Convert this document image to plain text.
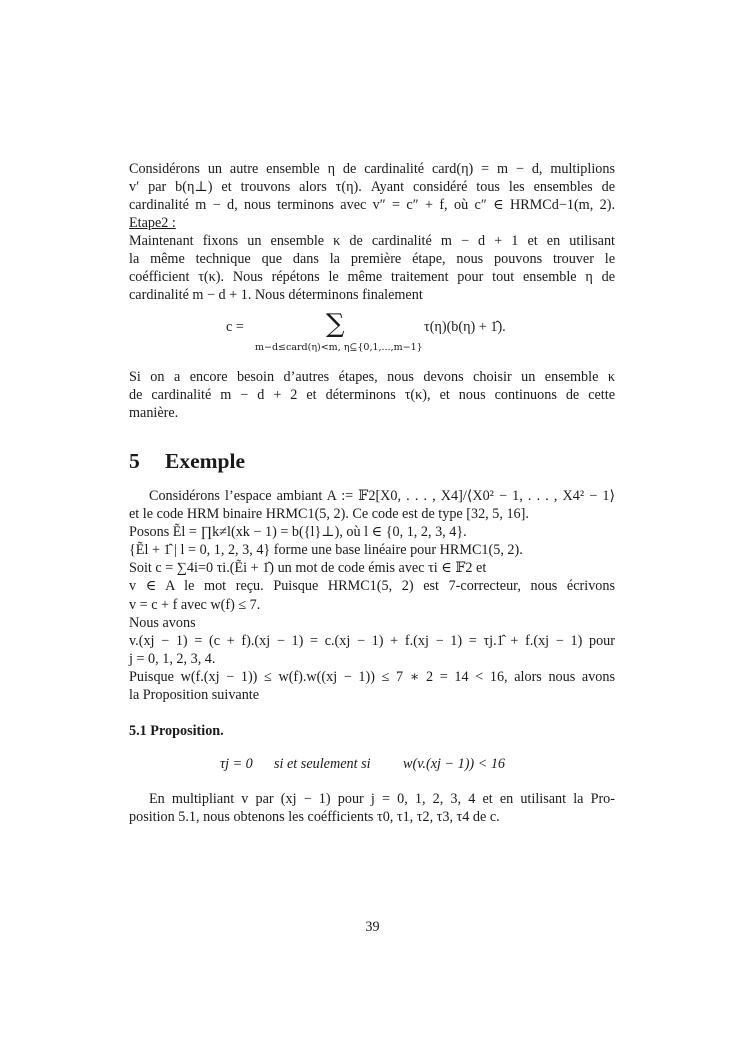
Considérons un autre ensemble η de cardinalité card(η) = m − d, multiplions
v′ par b(η⊥) et trouvons alors τ(η). Ayant considéré tous les ensembles de
cardinalité m − d, nous terminons avec v″ = c″ + f, où c″ ∈ HRMCd−1(m, 2).
Etape2 :
Maintenant fixons un ensemble κ de cardinalité m − d + 1 et en utilisant
la même technique que dans la première étape, nous pouvons trouver le
coéfficient τ(κ). Nous répétons le même traitement pour tout ensemble η de
cardinalité m − d + 1. Nous déterminons finalement
c =	∑
m−d≤card(η)<m, η⊆{0,1,...,m−1}
τ(η)(b(η) + 1̂).
Si on a encore besoin d’autres étapes, nous devons choisir un ensemble κ
de cardinalité m − d + 2 et déterminons τ(κ), et nous continuons de cette
manière.
5 Exemple
Considérons l’espace ambiant A := 𝔽2[X0, . . . , X4]/⟨X0² − 1, . . . , X4² − 1⟩
et le code HRM binaire HRMC1(5, 2). Ce code est de type [32, 5, 16].
Posons Ẽl = ∏k≠l(xk − 1) = b({l}⊥), où l ∈ {0, 1, 2, 3, 4}.
{Ẽl + 1̂ | l = 0, 1, 2, 3, 4} forme une base linéaire pour HRMC1(5, 2).
Soit c = ∑4i=0 τi.(Ẽi + 1̂) un mot de code émis avec τi ∈ 𝔽2 et
v ∈ A le mot reçu. Puisque HRMC1(5, 2) est 7-correcteur, nous écrivons
v = c + f avec w(f) ≤ 7.
Nous avons
v.(xj − 1) = (c + f).(xj − 1) = c.(xj − 1) + f.(xj − 1) = τj.1̂ + f.(xj − 1) pour
j = 0, 1, 2, 3, 4.
Puisque w(f.(xj − 1)) ≤ w(f).w((xj − 1)) ≤ 7 ∗ 2 = 14 < 16, alors nous avons
la Proposition suivante
5.1 Proposition.
τj = 0 si et seulement si w(v.(xj − 1)) < 16
En multipliant v par (xj − 1) pour j = 0, 1, 2, 3, 4 et en utilisant la Pro-
position 5.1, nous obtenons les coéfficients τ0, τ1, τ2, τ3, τ4 de c.
39
